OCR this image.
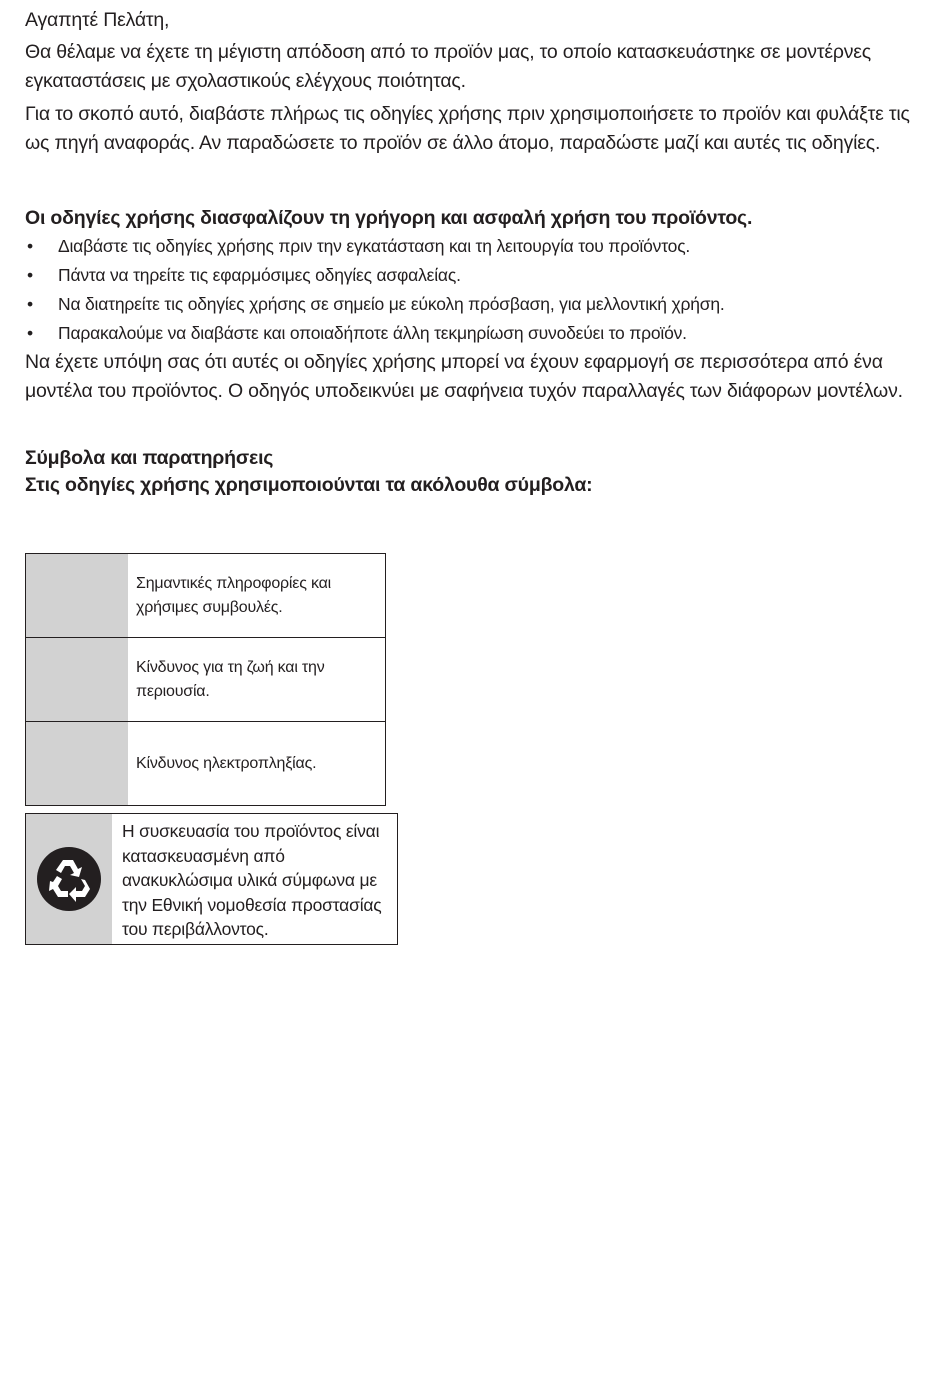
Αγαπητέ Πελάτη,

Θα θέλαμε να έχετε τη μέγιστη απόδοση από το προϊόν μας, το οποίο κατασκευάστηκε σε μοντέρνες εγκαταστάσεις με σχολαστικούς ελέγχους ποιότητας.

Για το σκοπό αυτό, διαβάστε πλήρως τις οδηγίες χρήσης πριν χρησιμοποιήσετε το προϊόν και φυλάξτε τις ως πηγή αναφοράς. Αν παραδώσετε το προϊόν σε άλλο άτομο, παραδώστε μαζί και αυτές τις οδηγίες.

Οι οδηγίες χρήσης διασφαλίζουν τη γρήγορη και ασφαλή χρήση του προϊόντος.

• Διαβάστε τις οδηγίες χρήσης πριν την εγκατάσταση και τη λειτουργία του προϊόντος.
• Πάντα να τηρείτε τις εφαρμόσιμες οδηγίες ασφαλείας.
• Να διατηρείτε τις οδηγίες χρήσης σε σημείο με εύκολη πρόσβαση, για μελλοντική χρήση.
• Παρακαλούμε να διαβάστε και οποιαδήποτε άλλη τεκμηρίωση συνοδεύει το προϊόν.

Να έχετε υπόψη σας ότι αυτές οι οδηγίες χρήσης μπορεί να έχουν εφαρμογή σε περισσότερα από ένα μοντέλα του προϊόντος. Ο οδηγός υποδεικνύει με σαφήνεια τυχόν παραλλαγές των διάφορων μοντέλων.

Σύμβολα και παρατηρήσεις

Στις οδηγίες χρήσης χρησιμοποιούνται τα ακόλουθα σύμβολα:

Σημαντικές πληροφορίες και χρήσιμες συμβουλές.
Κίνδυνος για τη ζωή και την περιουσία.
Κίνδυνος ηλεκτροπληξίας.
Η συσκευασία του προϊόντος είναι κατασκευασμένη από ανακυκλώσιμα υλικά σύμφωνα με την Εθνική νομοθεσία προστασίας του περιβάλλοντος.
